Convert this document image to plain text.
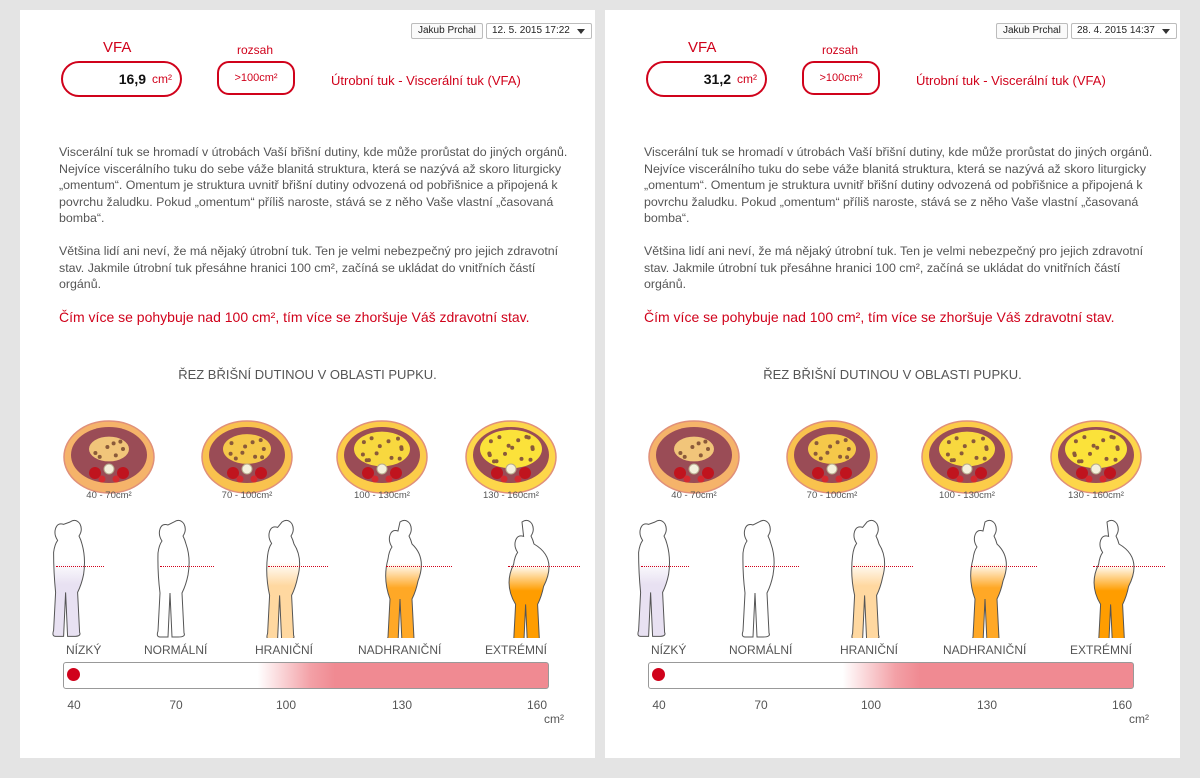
Jakub Prchal	12. 5. 2015 17:22
VFA	rozsah
16,9 cm²	>100cm²	Útrobní tuk - Viscerální tuk (VFA)

Viscerální tuk se hromadí v útrobách Vaší břišní dutiny, kde může prorůstat do jiných orgánů. Nejvíce viscerálního tuku do sebe váže blanitá struktura, která se nazývá až skoro liturgicky „omentum“. Omentum je struktura uvnitř břišní dutiny odvozená od pobřišnice a připojená k povrchu žaludku. Pokud „omentum“ příliš naroste, stává se z něho Vaše vlastní „časovaná bomba“.

Většina lidí ani neví, že má nějaký útrobní tuk. Ten je velmi nebezpečný pro jejich zdravotní stav. Jakmile útrobní tuk přesáhne hranici 100 cm², začíná se ukládat do vnitřních částí orgánů.

Čím více se pohybuje nad 100 cm², tím více se zhoršuje Váš zdravotní stav.
ŘEZ BŘIŠNÍ DUTINOU V OBLASTI PUPKU.
40 - 70cm²	70 - 100cm²	100 - 130cm²	130 - 160cm²
NÍZKÝ	NORMÁLNÍ	HRANIČNÍ	NADHRANIČNÍ	EXTRÉMNÍ
40	70	100	130	160
cm²
Jakub Prchal	28. 4. 2015 14:37
VFA	rozsah
31,2 cm²	>100cm²	Útrobní tuk - Viscerální tuk (VFA)

Viscerální tuk se hromadí v útrobách Vaší břišní dutiny, kde může prorůstat do jiných orgánů. Nejvíce viscerálního tuku do sebe váže blanitá struktura, která se nazývá až skoro liturgicky „omentum“. Omentum je struktura uvnitř břišní dutiny odvozená od pobřišnice a připojená k povrchu žaludku. Pokud „omentum“ příliš naroste, stává se z něho Vaše vlastní „časovaná bomba“.

Většina lidí ani neví, že má nějaký útrobní tuk. Ten je velmi nebezpečný pro jejich zdravotní stav. Jakmile útrobní tuk přesáhne hranici 100 cm², začíná se ukládat do vnitřních částí orgánů.

Čím více se pohybuje nad 100 cm², tím více se zhoršuje Váš zdravotní stav.
ŘEZ BŘIŠNÍ DUTINOU V OBLASTI PUPKU.
40 - 70cm²	70 - 100cm²	100 - 130cm²	130 - 160cm²
NÍZKÝ	NORMÁLNÍ	HRANIČNÍ	NADHRANIČNÍ	EXTRÉMNÍ
40	70	100	130	160
cm²
